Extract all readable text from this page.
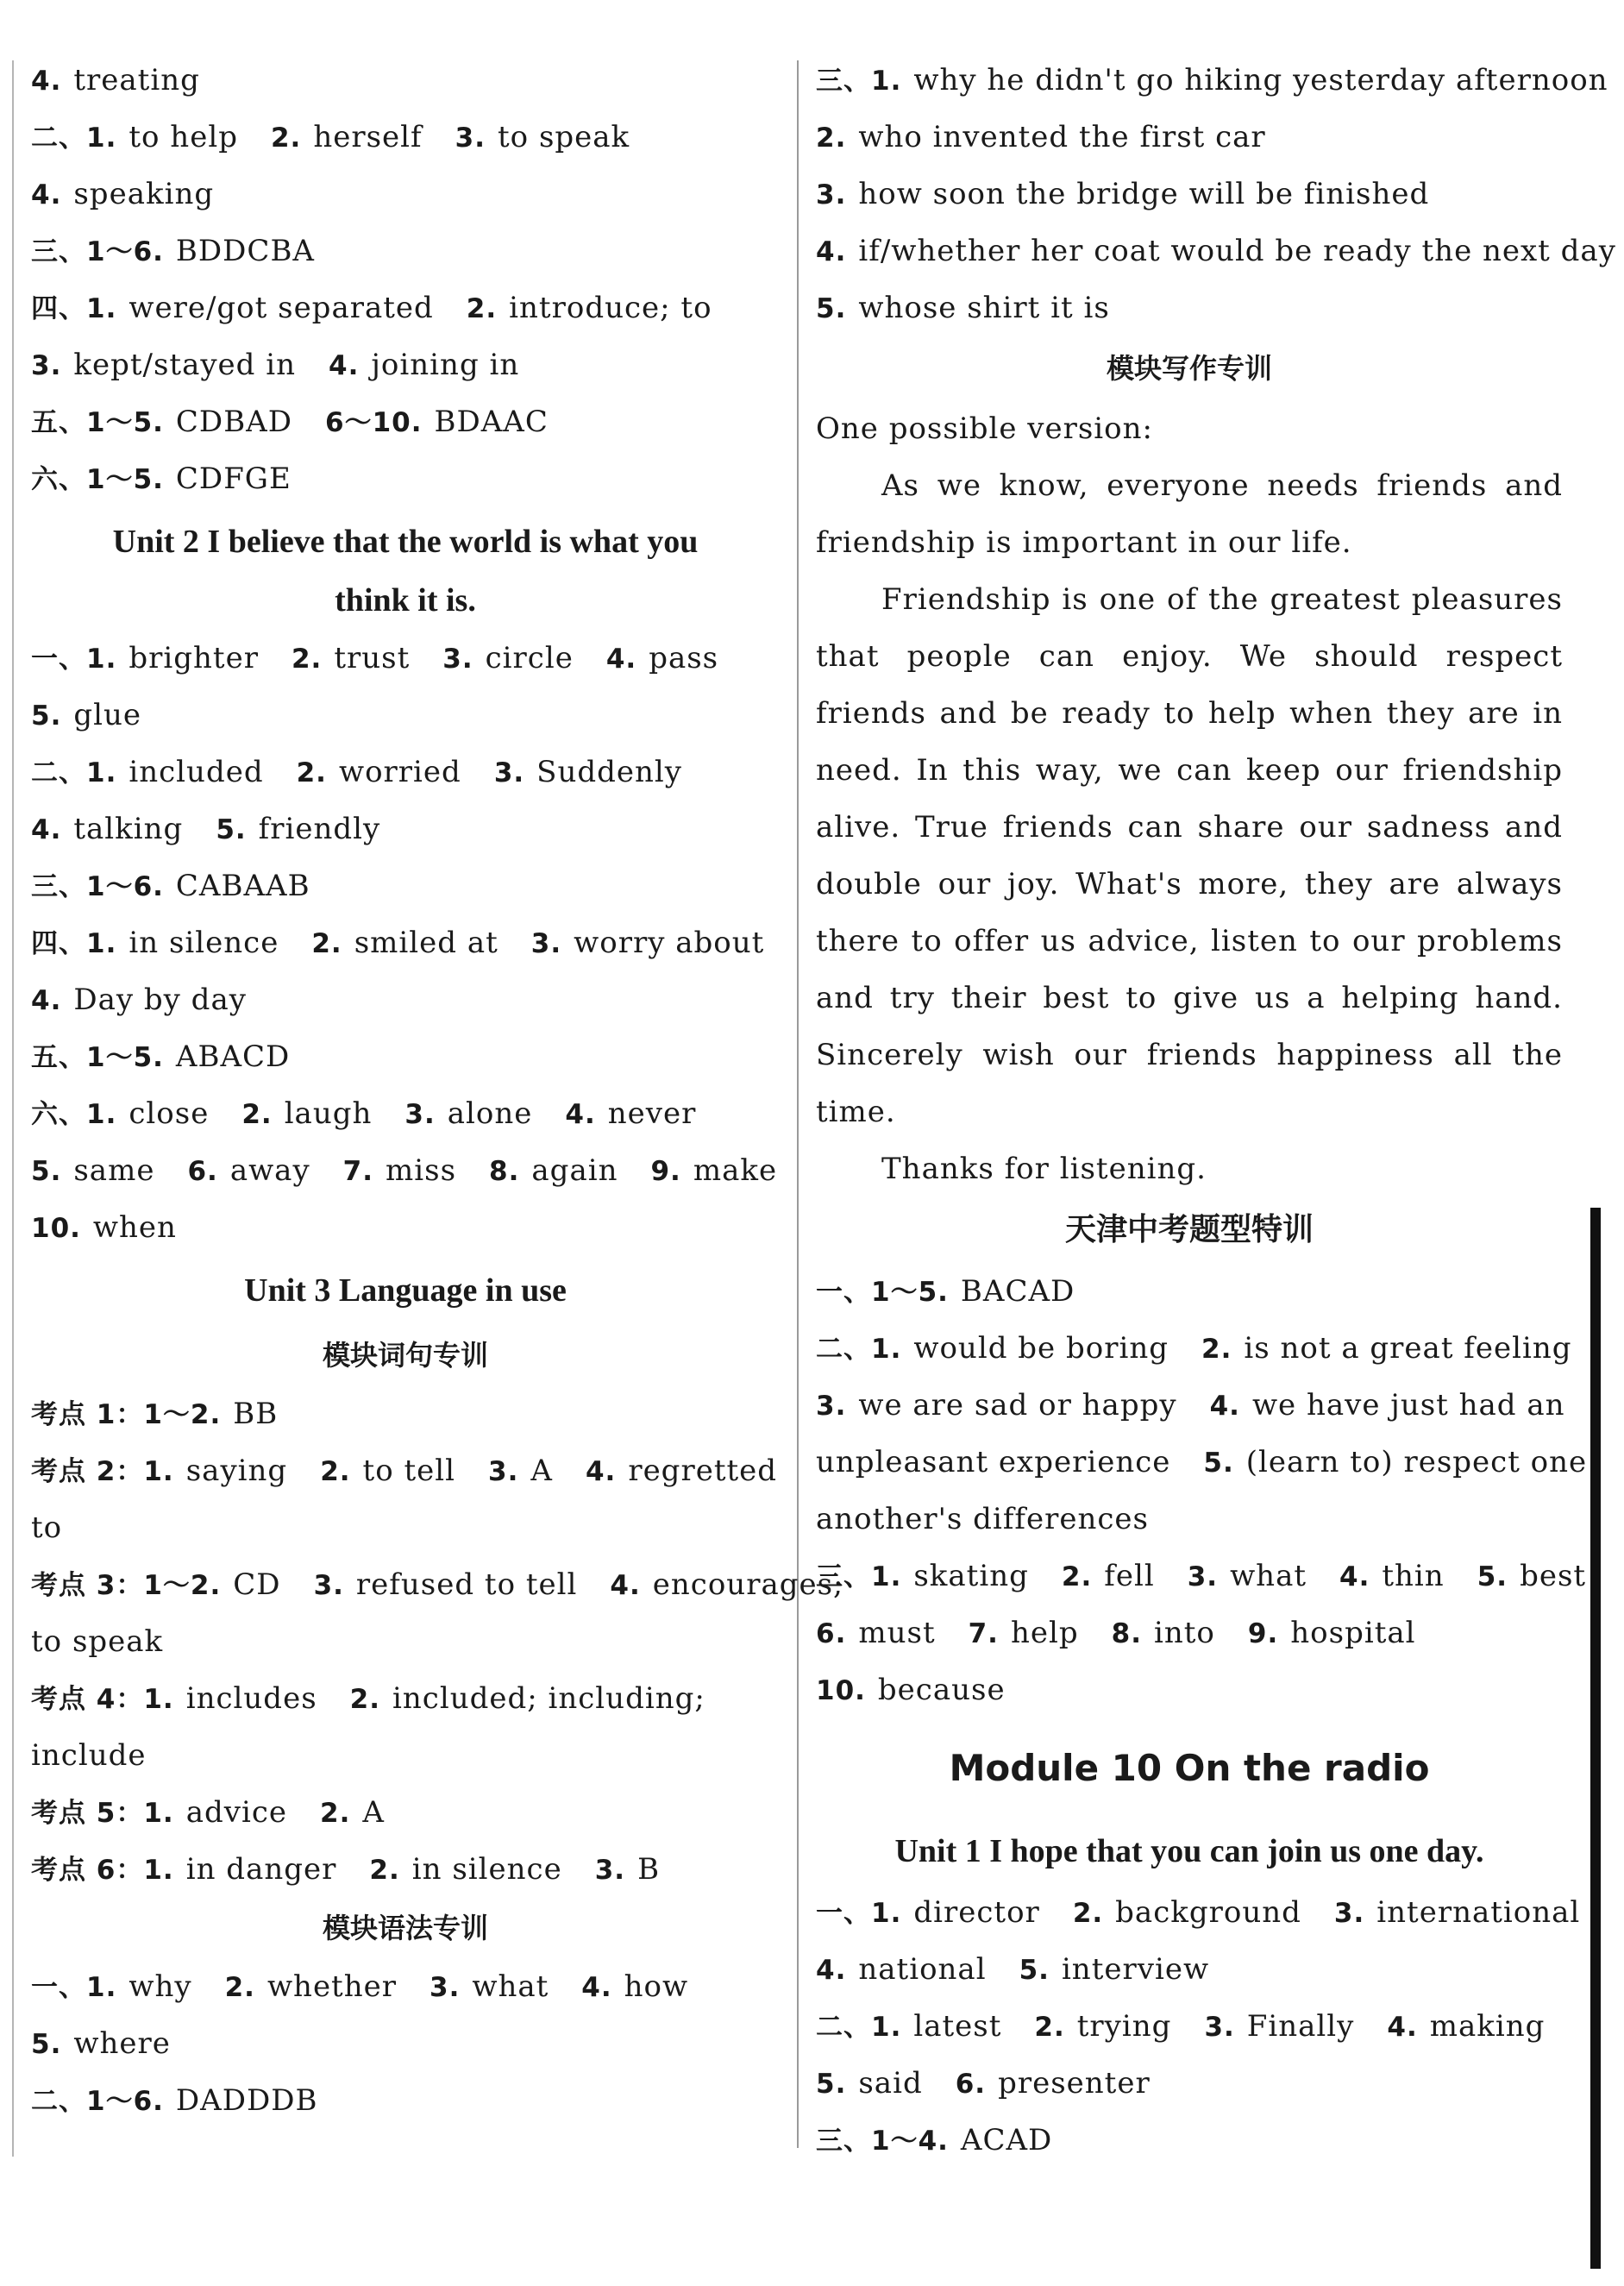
4. treating
二、1. to help 2. herself 3. to speak
4. speaking
三、1～6. BDDCBA
四、1. were/got separated 2. introduce; to
3. kept/stayed in 4. joining in
五、1～5. CDBAD 6～10. BDAAC
六、1～5. CDFGE
Unit 2 I believe that the world is what you
think it is.
一、1. brighter 2. trust 3. circle 4. pass
5. glue
二、1. included 2. worried 3. Suddenly
4. talking 5. friendly
三、1～6. CABAAB
四、1. in silence 2. smiled at 3. worry about
4. Day by day
五、1～5. ABACD
六、1. close 2. laugh 3. alone 4. never
5. same 6. away 7. miss 8. again 9. make
10. when
Unit 3 Language in use
模块词句专训
考点 1：1～2. BB
考点 2：1. saying 2. to tell 3. A 4. regretted
to
考点 3：1～2. CD 3. refused to tell 4. encourages;
to speak
考点 4：1. includes 2. included; including;
include
考点 5：1. advice 2. A
考点 6：1. in danger 2. in silence 3. B
模块语法专训
一、1. why 2. whether 3. what 4. how
5. where
二、1～6. DADDDB
三、1. why he didn't go hiking yesterday afternoon
2. who invented the first car
3. how soon the bridge will be finished
4. if/whether her coat would be ready the next day
5. whose shirt it is
模块写作专训
One possible version:
As we know, everyone needs friends and friendship is important in our life.
Friendship is one of the greatest pleasures that people can enjoy. We should respect friends and be ready to help when they are in need. In this way, we can keep our friendship alive. True friends can share our sadness and double our joy. What's more, they are always there to offer us advice, listen to our problems and try their best to give us a helping hand. Sincerely wish our friends happiness all the time.
Thanks for listening.
天津中考题型特训
一、1～5. BACAD
二、1. would be boring 2. is not a great feeling
3. we are sad or happy 4. we have just had an
unpleasant experience 5. (learn to) respect one
another's differences
三、1. skating 2. fell 3. what 4. thin 5. best
6. must 7. help 8. into 9. hospital
10. because
Module 10 On the radio
Unit 1 I hope that you can join us one day.
一、1. director 2. background 3. international
4. national 5. interview
二、1. latest 2. trying 3. Finally 4. making
5. said 6. presenter
三、1～4. ACAD
